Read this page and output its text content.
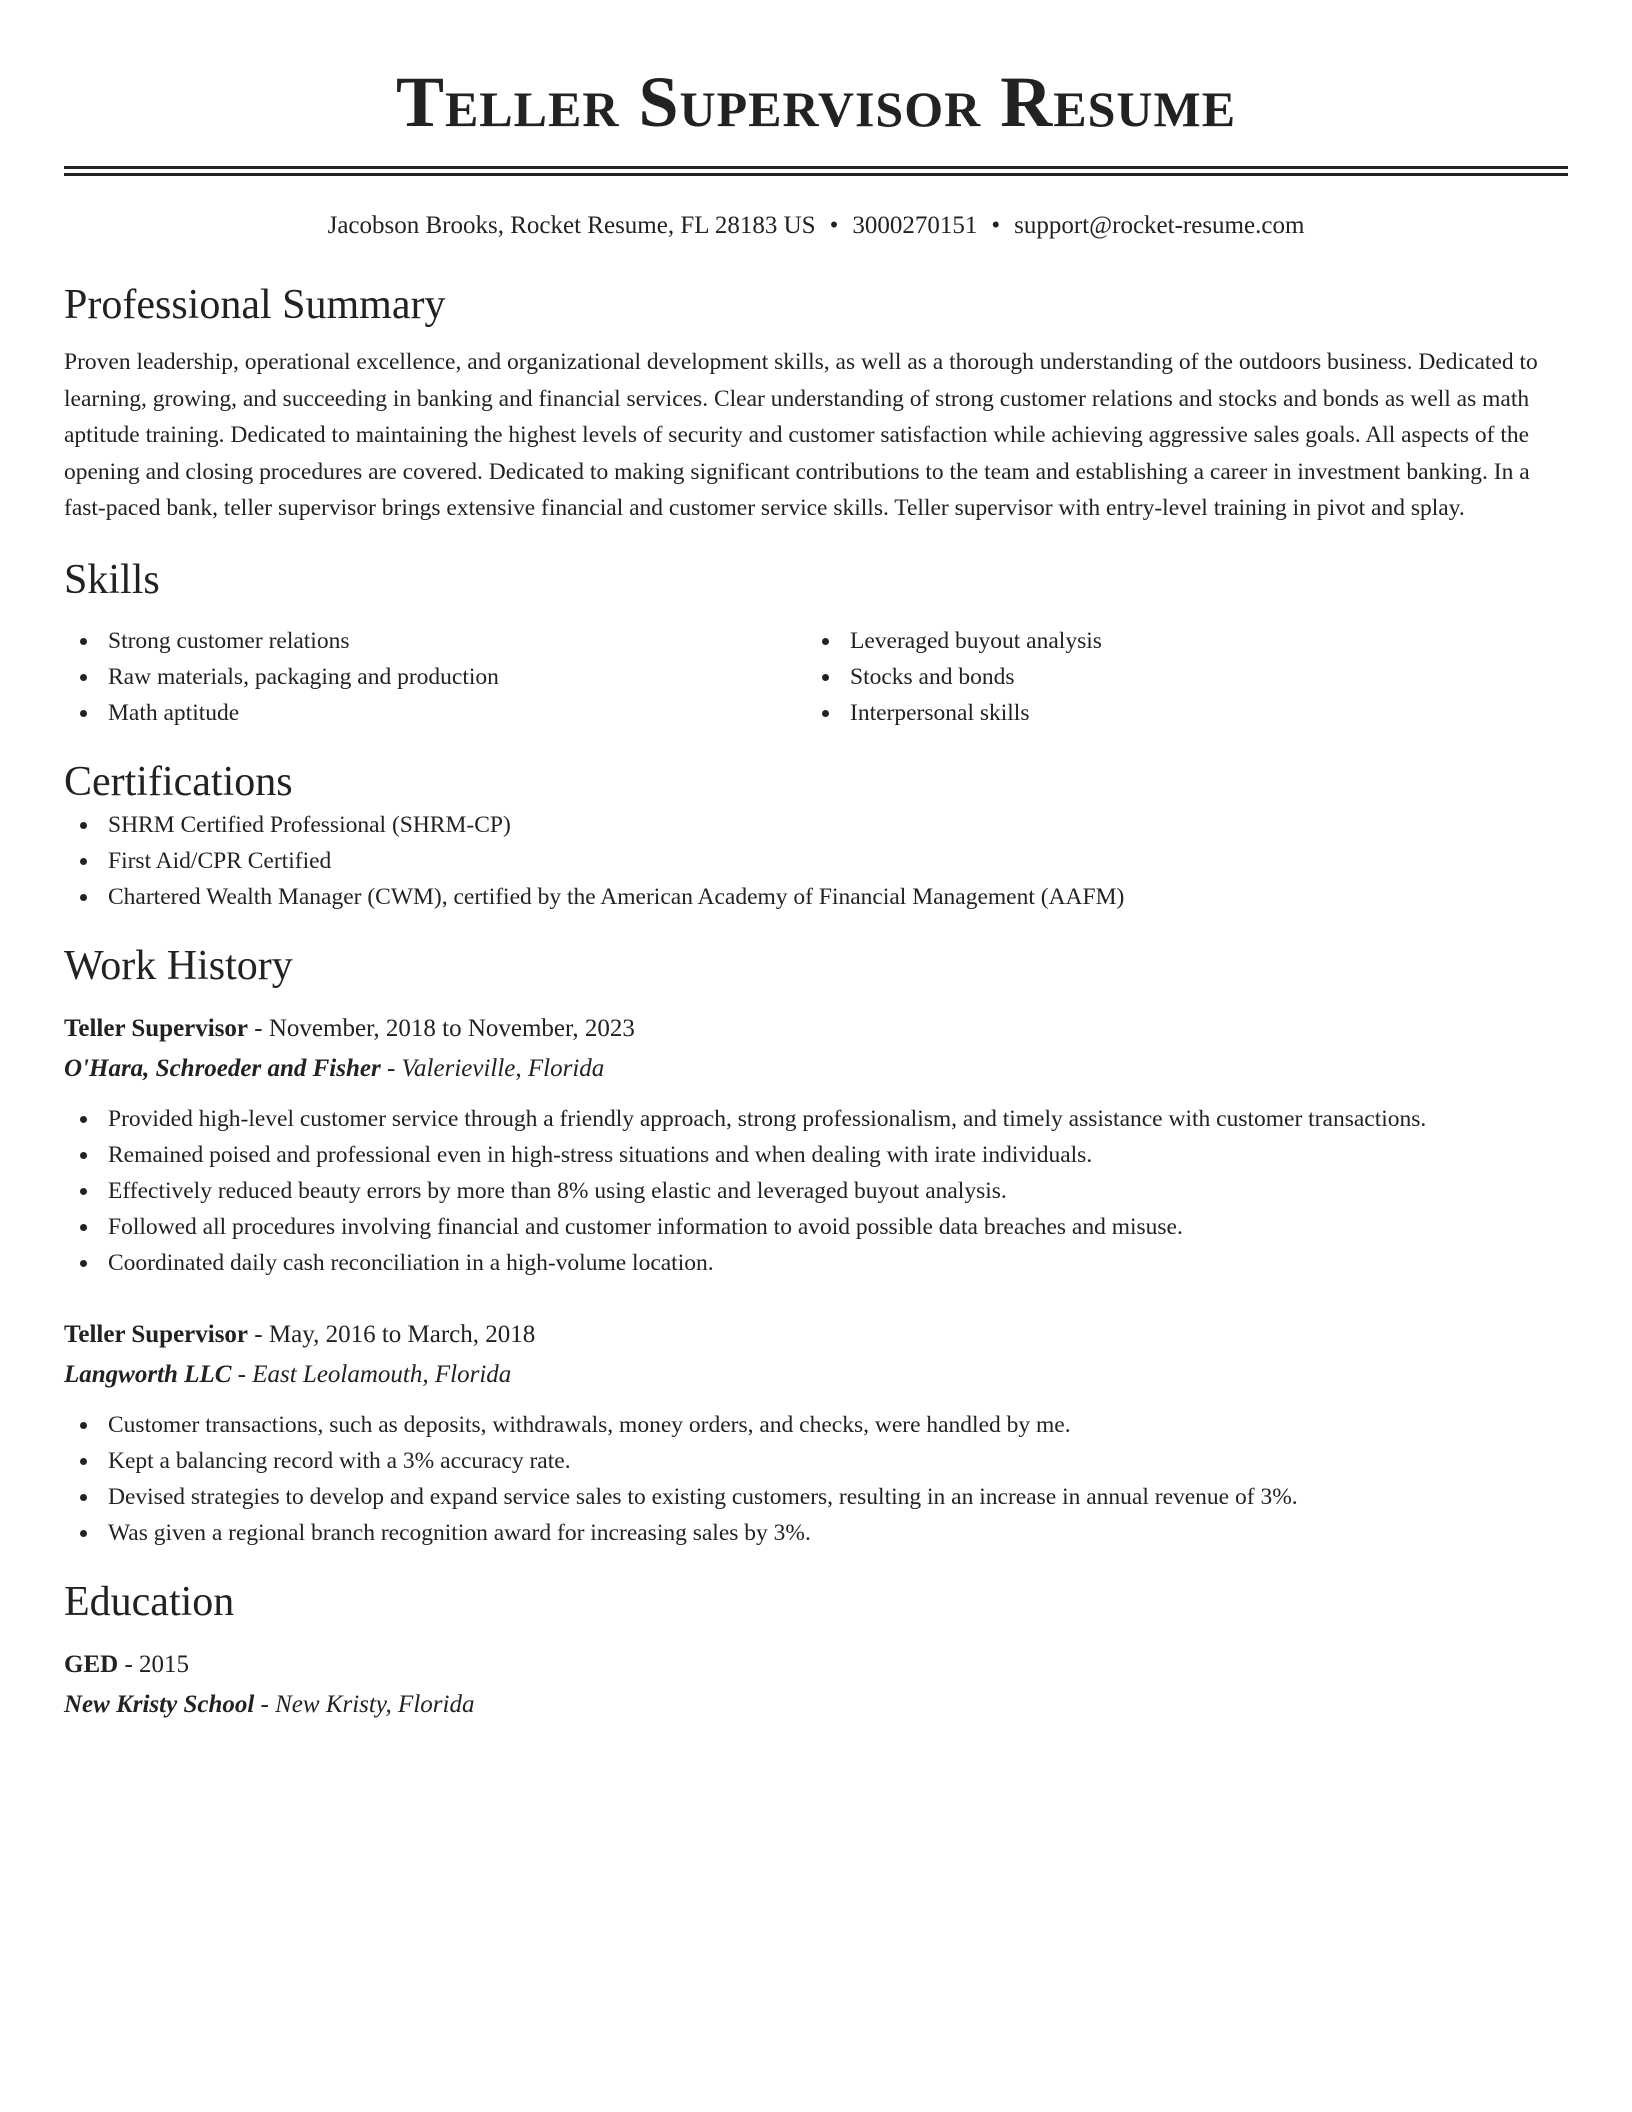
Teller Supervisor Resume
Jacobson Brooks, Rocket Resume, FL 28183 US • 3000270151 • support@rocket-resume.com
Professional Summary

Proven leadership, operational excellence, and organizational development skills, as well as a thorough understanding of the outdoors business. Dedicated to learning, growing, and succeeding in banking and financial services. Clear understanding of strong customer relations and stocks and bonds as well as math aptitude training. Dedicated to maintaining the highest levels of security and customer satisfaction while achieving aggressive sales goals. All aspects of the opening and closing procedures are covered. Dedicated to making significant contributions to the team and establishing a career in investment banking. In a fast-paced bank, teller supervisor brings extensive financial and customer service skills. Teller supervisor with entry-level training in pivot and splay.

Skills
Strong customer relations
Raw materials, packaging and production
Math aptitude
Leveraged buyout analysis
Stocks and bonds
Interpersonal skills
Certifications
SHRM Certified Professional (SHRM-CP)
First Aid/CPR Certified
Chartered Wealth Manager (CWM), certified by the American Academy of Financial Management (AAFM)
Work History
Teller Supervisor - November, 2018 to November, 2023
O'Hara, Schroeder and Fisher - Valerieville, Florida
Provided high-level customer service through a friendly approach, strong professionalism, and timely assistance with customer transactions.
Remained poised and professional even in high-stress situations and when dealing with irate individuals.
Effectively reduced beauty errors by more than 8% using elastic and leveraged buyout analysis.
Followed all procedures involving financial and customer information to avoid possible data breaches and misuse.
Coordinated daily cash reconciliation in a high-volume location.
Teller Supervisor - May, 2016 to March, 2018
Langworth LLC - East Leolamouth, Florida
Customer transactions, such as deposits, withdrawals, money orders, and checks, were handled by me.
Kept a balancing record with a 3% accuracy rate.
Devised strategies to develop and expand service sales to existing customers, resulting in an increase in annual revenue of 3%.
Was given a regional branch recognition award for increasing sales by 3%.
Education
GED - 2015
New Kristy School - New Kristy, Florida
